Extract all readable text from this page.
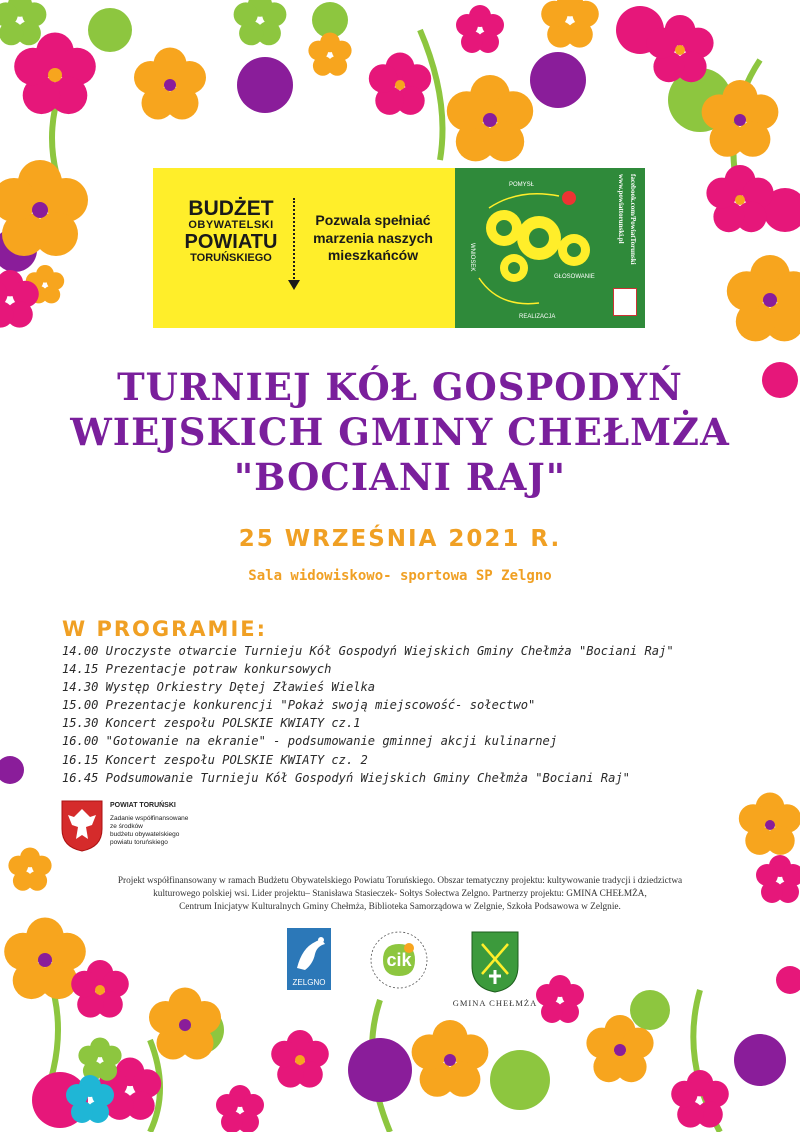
BUDŻET
OBYWATELSKI
POWIATU
TORUŃSKIEGO
Pozwala spełniać
marzenia naszych
mieszkańców
POMYSŁ
GŁOSOWANIE
REALIZACJA
WNIOSEK
www.powiattorunski.pl facebook.com/PowiatTorunski
TURNIEJ KÓŁ GOSPODYŃ
WIEJSKICH GMINY CHEŁMŻA
"BOCIANI RAJ"
25 WRZEŚNIA 2021 R.
Sala widowiskowo- sportowa SP Zelgno
W PROGRAMIE:
14.00 Uroczyste otwarcie Turnieju Kół Gospodyń Wiejskich Gminy Chełmża "Bociani Raj"
14.15 Prezentacje potraw konkursowych
14.30 Występ Orkiestry Dętej Zławieś Wielka
15.00 Prezentacje konkurencji "Pokaż swoją miejscowość- sołectwo"
15.30 Koncert zespołu POLSKIE KWIATY cz.1
16.00 "Gotowanie na ekranie" - podsumowanie gminnej akcji kulinarnej
16.15 Koncert zespołu POLSKIE KWIATY cz. 2
16.45 Podsumowanie Turnieju Kół Gospodyń Wiejskich Gminy Chełmża "Bociani Raj"
POWIAT TORUŃSKI
Zadanie współfinansowane
ze środków
budżetu obywatelskiego
powiatu toruńskiego
Projekt współfinansowany w ramach Budżetu Obywatelskiego Powiatu Toruńskiego. Obszar tematyczny projektu: kultywowanie tradycji i dziedzictwa
kulturowego polskiej wsi. Lider projektu– Stanisława Stasieczek- Sołtys Sołectwa Zelgno. Partnerzy projektu: GMINA CHEŁMŻA,
Centrum Inicjatyw Kulturalnych Gminy Chełmża, Biblioteka Samorządowa w Zelgnie, Szkoła Podsawowa w Zelgnie.
ZELGNO
cik
GMINA CHEŁMŻA
